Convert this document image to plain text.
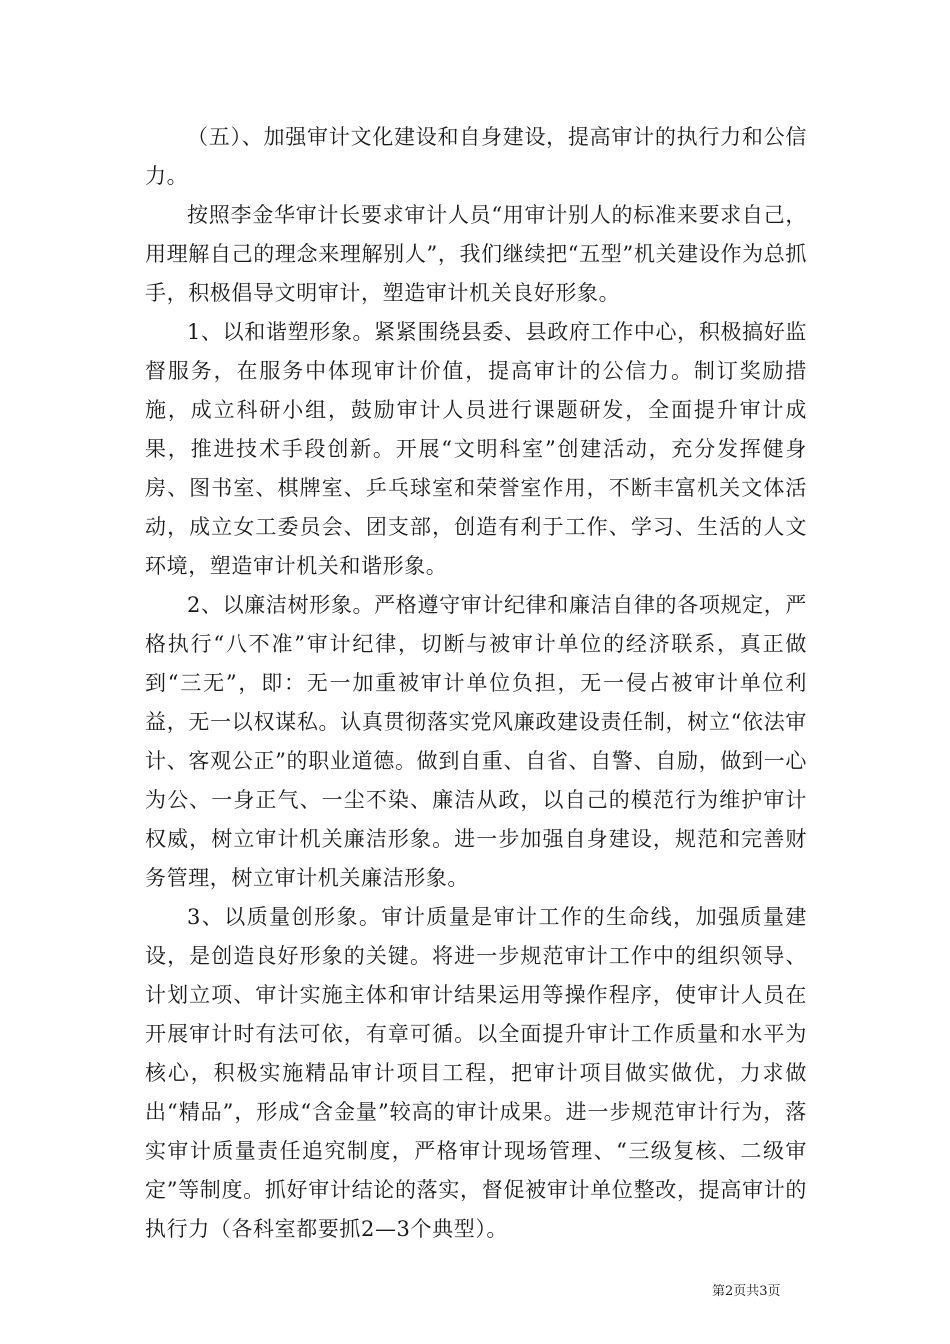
（五）、加强审计文化建设和自身建设，提高审计的执行力和公信力。

按照李金华审计长要求审计人员“用审计别人的标准来要求自己，用理解自己的理念来理解别人”，我们继续把“五型”机关建设作为总抓手，积极倡导文明审计，塑造审计机关良好形象。

1、以和谐塑形象。紧紧围绕县委、县政府工作中心，积极搞好监督服务，在服务中体现审计价值，提高审计的公信力。制订奖励措施，成立科研小组，鼓励审计人员进行课题研发，全面提升审计成果，推进技术手段创新。开展“文明科室”创建活动，充分发挥健身房、图书室、棋牌室、乒乓球室和荣誉室作用，不断丰富机关文体活动，成立女工委员会、团支部，创造有利于工作、学习、生活的人文环境，塑造审计机关和谐形象。

2、以廉洁树形象。严格遵守审计纪律和廉洁自律的各项规定，严格执行“八不准”审计纪律，切断与被审计单位的经济联系，真正做到“三无”，即：无一加重被审计单位负担，无一侵占被审计单位利益，无一以权谋私。认真贯彻落实党风廉政建设责任制，树立“依法审计、客观公正”的职业道德。做到自重、自省、自警、自励，做到一心为公、一身正气、一尘不染、廉洁从政，以自己的模范行为维护审计权威，树立审计机关廉洁形象。进一步加强自身建设，规范和完善财务管理，树立审计机关廉洁形象。

3、以质量创形象。审计质量是审计工作的生命线，加强质量建设，是创造良好形象的关键。将进一步规范审计工作中的组织领导、计划立项、审计实施主体和审计结果运用等操作程序，使审计人员在开展审计时有法可依，有章可循。以全面提升审计工作质量和水平为核心，积极实施精品审计项目工程，把审计项目做实做优，力求做出“精品”，形成“含金量”较高的审计成果。进一步规范审计行为，落实审计质量责任追究制度，严格审计现场管理、“三级复核、二级审定”等制度。抓好审计结论的落实，督促被审计单位整改，提高审计的执行力（各科室都要抓2—3个典型）。

第2页共3页
